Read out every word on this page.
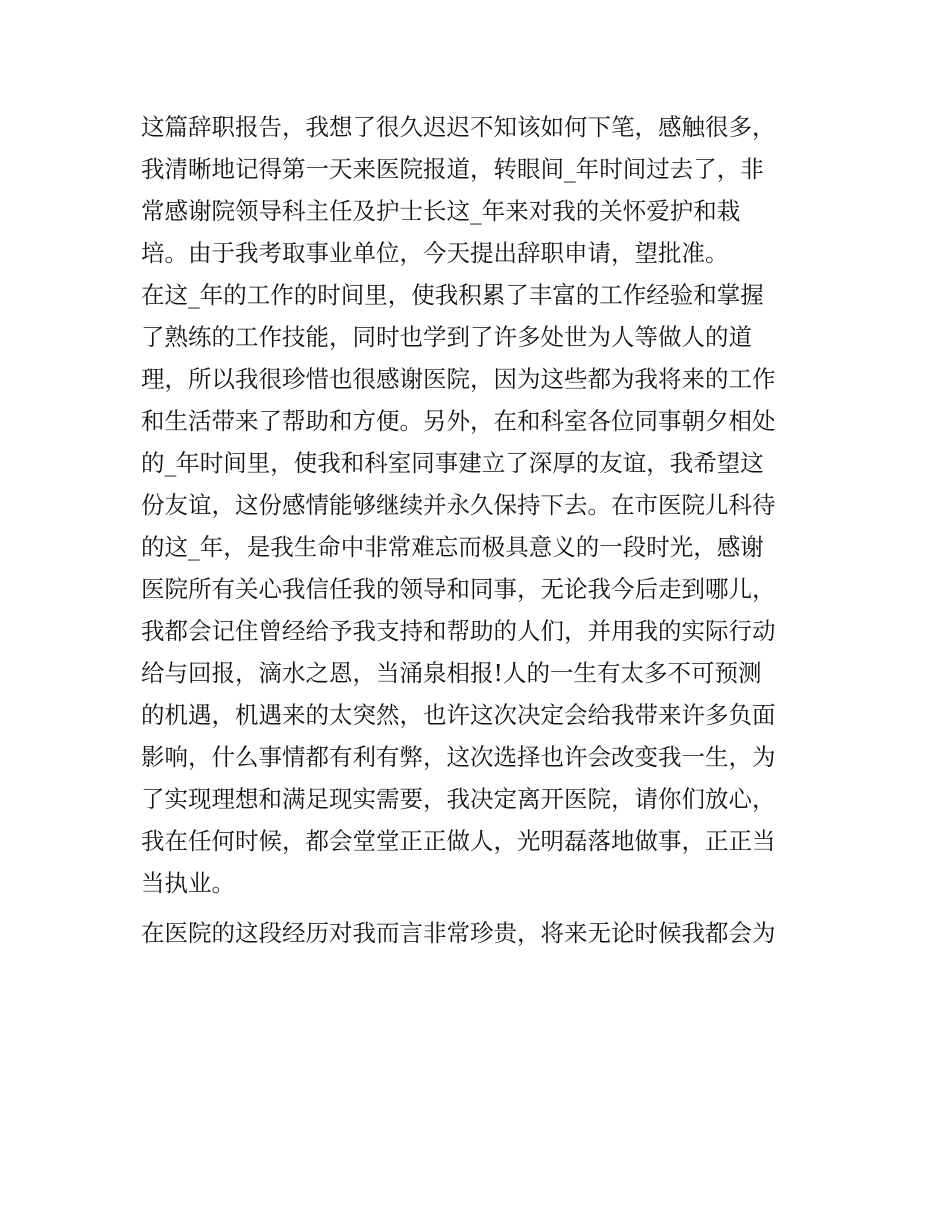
这篇辞职报告，我想了很久迟迟不知该如何下笔，感触很多，
我清晰地记得第一天来医院报道，转眼间_年时间过去了，非
常感谢院领导科主任及护士长这_年来对我的关怀爱护和栽
培。由于我考取事业单位，今天提出辞职申请，望批准。
在这_年的工作的时间里，使我积累了丰富的工作经验和掌握
了熟练的工作技能，同时也学到了许多处世为人等做人的道
理，所以我很珍惜也很感谢医院，因为这些都为我将来的工作
和生活带来了帮助和方便。另外，在和科室各位同事朝夕相处
的_年时间里，使我和科室同事建立了深厚的友谊，我希望这
份友谊，这份感情能够继续并永久保持下去。在市医院儿科待
的这_年，是我生命中非常难忘而极具意义的一段时光，感谢
医院所有关心我信任我的领导和同事，无论我今后走到哪儿，
我都会记住曾经给予我支持和帮助的人们，并用我的实际行动
给与回报，滴水之恩，当涌泉相报!人的一生有太多不可预测
的机遇，机遇来的太突然，也许这次决定会给我带来许多负面
影响，什么事情都有利有弊，这次选择也许会改变我一生，为
了实现理想和满足现实需要，我决定离开医院，请你们放心，
我在任何时候，都会堂堂正正做人，光明磊落地做事，正正当
当执业。
在医院的这段经历对我而言非常珍贵，将来无论时候我都会为
